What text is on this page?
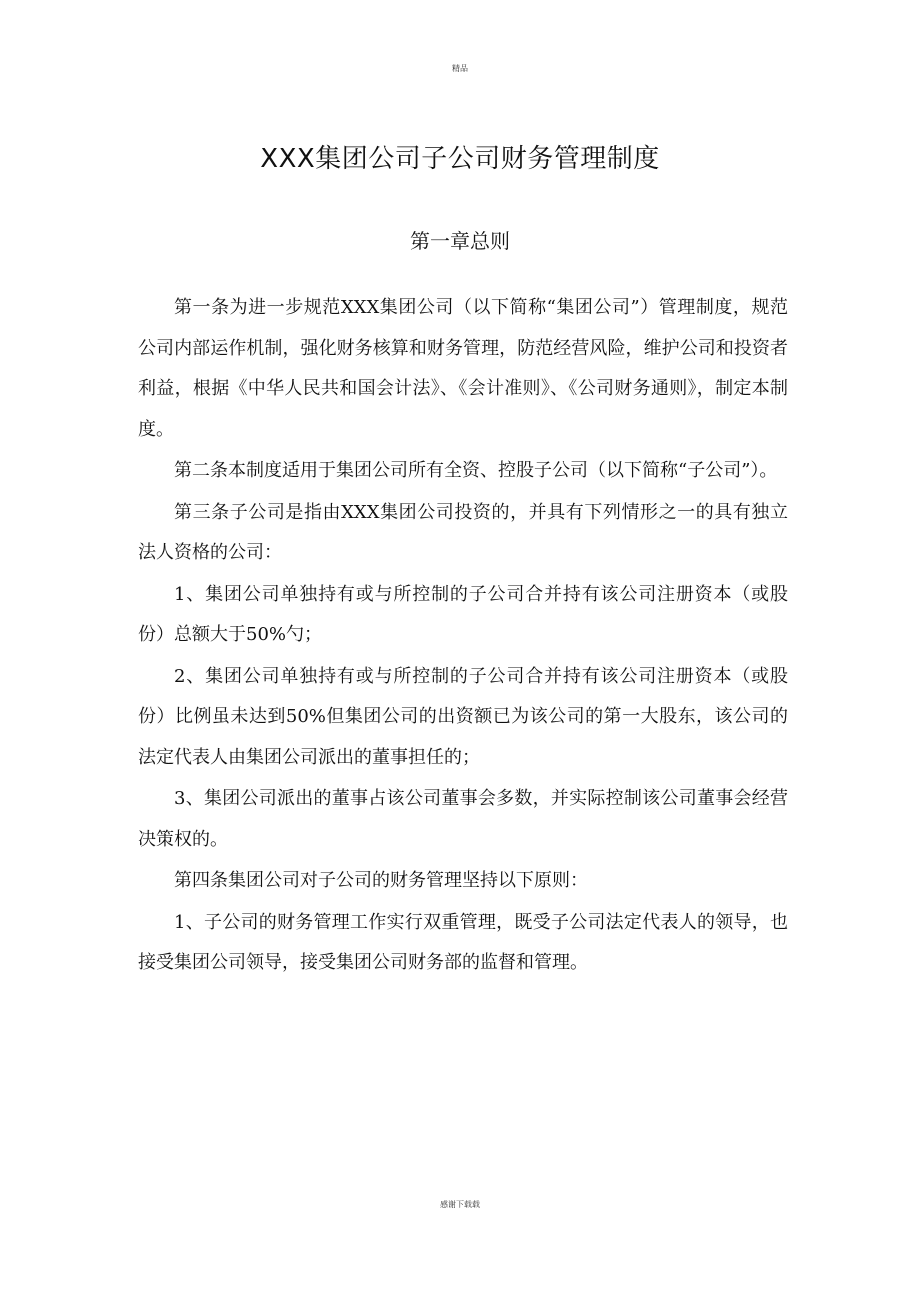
精品
XXX集团公司子公司财务管理制度
第一章总则

第一条为进一步规范XXX集团公司（以下简称“集团公司”）管理制度，规范公司内部运作机制，强化财务核算和财务管理，防范经营风险，维护公司和投资者利益，根据《中华人民共和国会计法》、《会计准则》、《公司财务通则》，制定本制度。

第二条本制度适用于集团公司所有全资、控股子公司（以下简称“子公司”）。

第三条子公司是指由XXX集团公司投资的，并具有下列情形之一的具有独立法人资格的公司：

1、集团公司单独持有或与所控制的子公司合并持有该公司注册资本（或股份）总额大于50%勺；

2、集团公司单独持有或与所控制的子公司合并持有该公司注册资本（或股份）比例虽未达到50%但集团公司的出资额已为该公司的第一大股东，该公司的法定代表人由集团公司派出的董事担任的；

3、集团公司派出的董事占该公司董事会多数，并实际控制该公司董事会经营决策权的。

第四条集团公司对子公司的财务管理坚持以下原则：

1、子公司的财务管理工作实行双重管理，既受子公司法定代表人的领导，也接受集团公司领导，接受集团公司财务部的监督和管理。

感谢下载载
